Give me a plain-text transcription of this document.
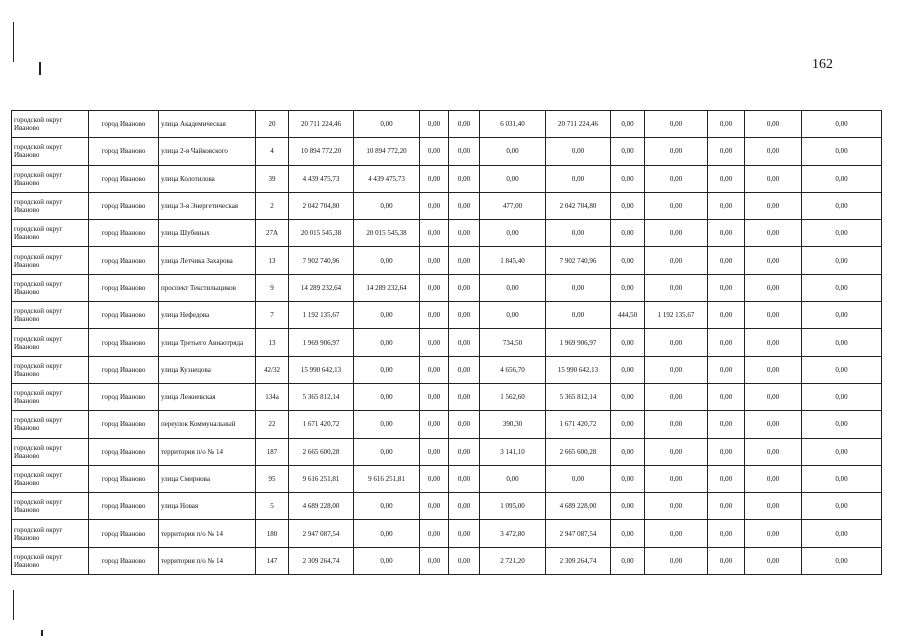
162
городской округ Иваново	город Иваново	улица Академическая	20	20 711 224,46	0,00	0,00	0,00	6 031,40	20 711 224,46	0,00	0,00	0,00	0,00	0,00
городской округ Иваново	город Иваново	улица 2-я Чайковского	4	10 894 772,20	10 894 772,20	0,00	0,00	0,00	0,00	0,00	0,00	0,00	0,00	0,00
городской округ Иваново	город Иваново	улица Колотилова	39	4 439 475,73	4 439 475,73	0,00	0,00	0,00	0,00	0,00	0,00	0,00	0,00	0,00
городской округ Иваново	город Иваново	улица 3-я Энергетическая	2	2 042 704,80	0,00	0,00	0,00	477,00	2 042 704,80	0,00	0,00	0,00	0,00	0,00
городской округ Иваново	город Иваново	улица Шубиных	27А	20 015 545,38	20 015 545,38	0,00	0,00	0,00	0,00	0,00	0,00	0,00	0,00	0,00
городской округ Иваново	город Иваново	улица Летчика Захарова	13	7 902 740,96	0,00	0,00	0,00	1 845,40	7 902 740,96	0,00	0,00	0,00	0,00	0,00
городской округ Иваново	город Иваново	проспект Текстильщиков	9	14 289 232,64	14 289 232,64	0,00	0,00	0,00	0,00	0,00	0,00	0,00	0,00	0,00
городской округ Иваново	город Иваново	улица Нефедова	7	1 192 135,67	0,00	0,00	0,00	0,00	0,00	444,50	1 192 135,67	0,00	0,00	0,00
городской округ Иваново	город Иваново	улица Третьего Авиаотряда	13	1 969 906,97	0,00	0,00	0,00	734,50	1 969 906,97	0,00	0,00	0,00	0,00	0,00
городской округ Иваново	город Иваново	улица Кузнецова	42/32	15 990 642,13	0,00	0,00	0,00	4 656,70	15 990 642,13	0,00	0,00	0,00	0,00	0,00
городской округ Иваново	город Иваново	улица Лежневская	134а	5 365 812,14	0,00	0,00	0,00	1 562,60	5 365 812,14	0,00	0,00	0,00	0,00	0,00
городской округ Иваново	город Иваново	переулок Коммунальный	22	1 671 420,72	0,00	0,00	0,00	390,30	1 671 420,72	0,00	0,00	0,00	0,00	0,00
городской округ Иваново	город Иваново	территория п/о № 14	187	2 665 600,28	0,00	0,00	0,00	3 141,10	2 665 600,28	0,00	0,00	0,00	0,00	0,00
городской округ Иваново	город Иваново	улица Смирнова	95	9 616 251,81	9 616 251,81	0,00	0,00	0,00	0,00	0,00	0,00	0,00	0,00	0,00
городской округ Иваново	город Иваново	улица Новая	5	4 689 228,00	0,00	0,00	0,00	1 095,00	4 689 228,00	0,00	0,00	0,00	0,00	0,00
городской округ Иваново	город Иваново	территория п/о № 14	180	2 947 087,54	0,00	0,00	0,00	3 472,80	2 947 087,54	0,00	0,00	0,00	0,00	0,00
городской округ Иваново	город Иваново	территория п/о № 14	147	2 309 264,74	0,00	0,00	0,00	2 721,20	2 309 264,74	0,00	0,00	0,00	0,00	0,00
